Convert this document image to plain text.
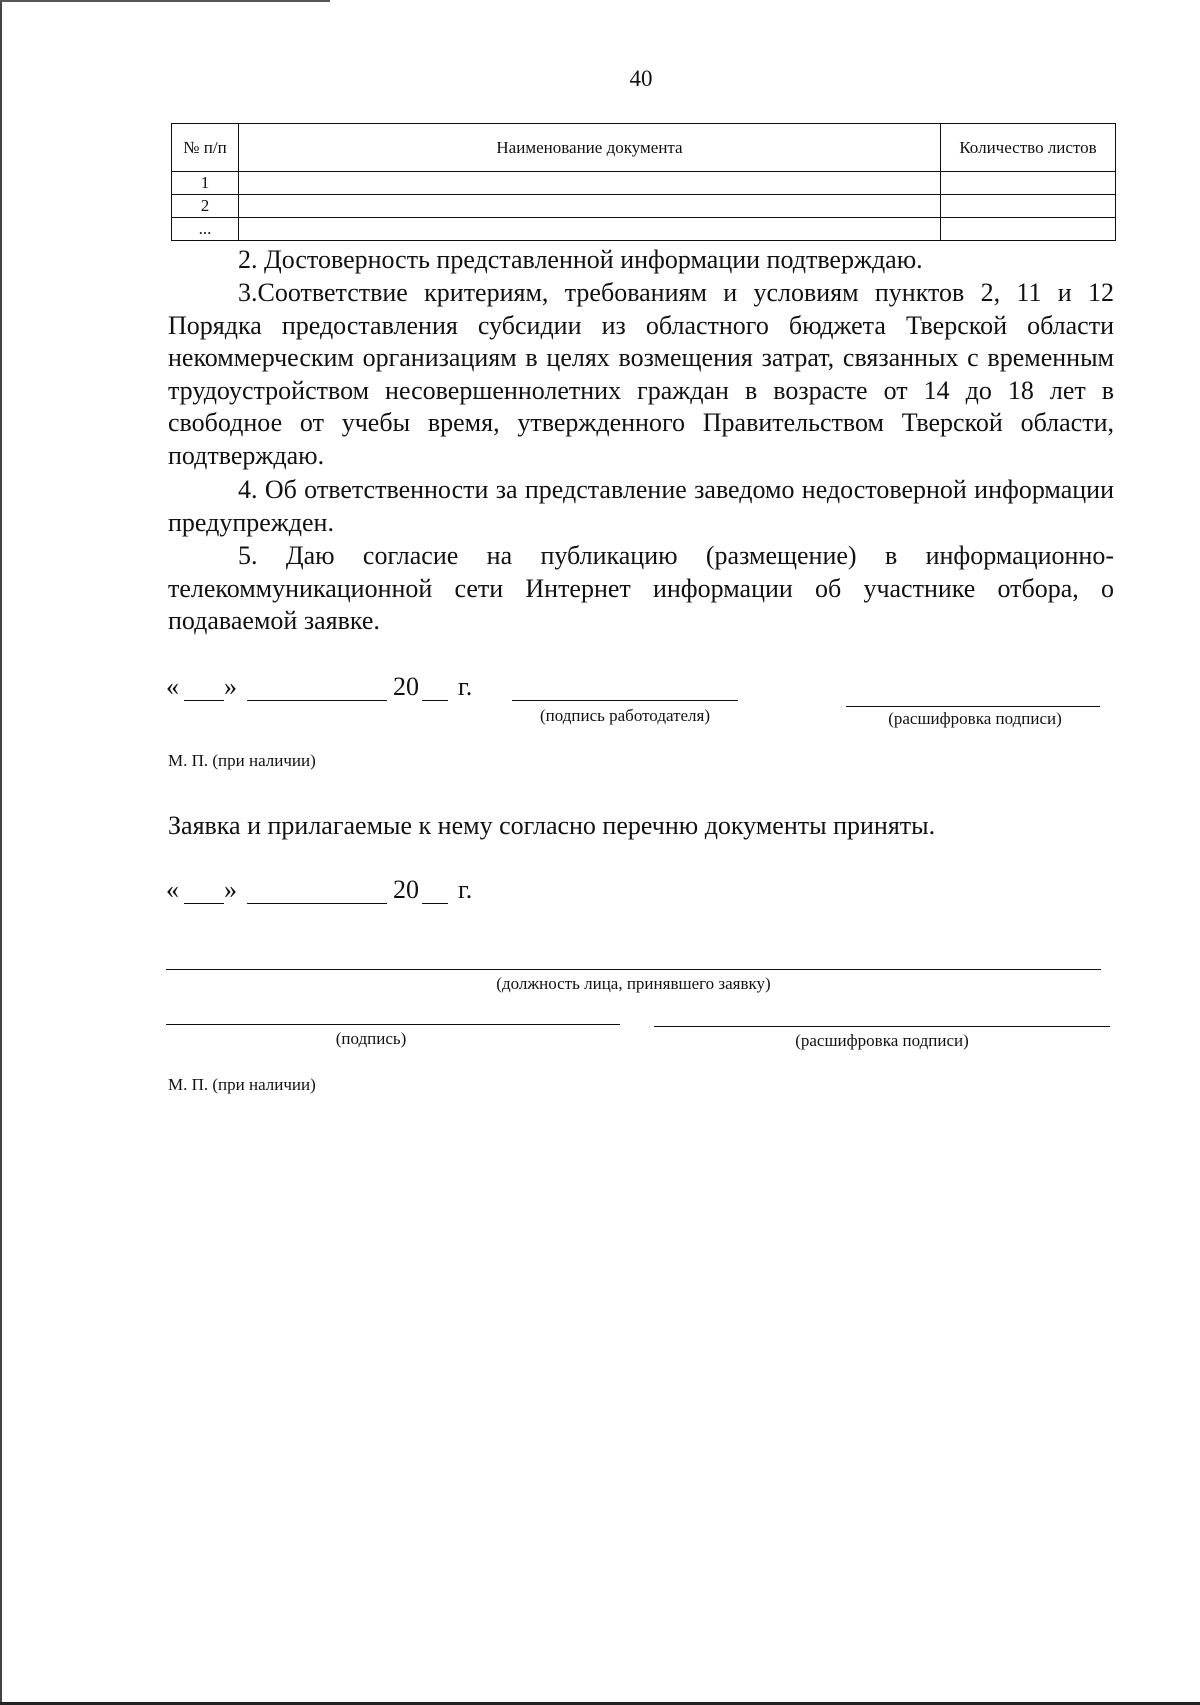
40
№ п/п	Наименование документа	Количество листов
1		
2		
...		

2. Достоверность представленной информации подтверждаю.

3.Соответствие критериям, требованиям и условиям пунктов 2, 11 и 12 Порядка предоставления субсидии из областного бюджета Тверской области некоммерческим организациям в целях возмещения затрат, связанных с временным трудоустройством несовершеннолетних граждан в возрасте от 14 до 18 лет в свободное от учебы время, утвержденного Правительством Тверской области, подтверждаю.

4. Об ответственности за представление заведомо недостоверной информации предупрежден.

5. Даю согласие на публикацию (размещение) в информационно-телекоммуникационной сети Интернет информации об участнике отбора, о подаваемой заявке.

« »	20 г.
(подпись работодателя)	(расшифровка подписи)
М. П. (при наличии)
Заявка и прилагаемые к нему согласно перечню документы приняты.
« »	20 г.
(должность лица, принявшего заявку)
(подпись)	(расшифровка подписи)
М. П. (при наличии)
